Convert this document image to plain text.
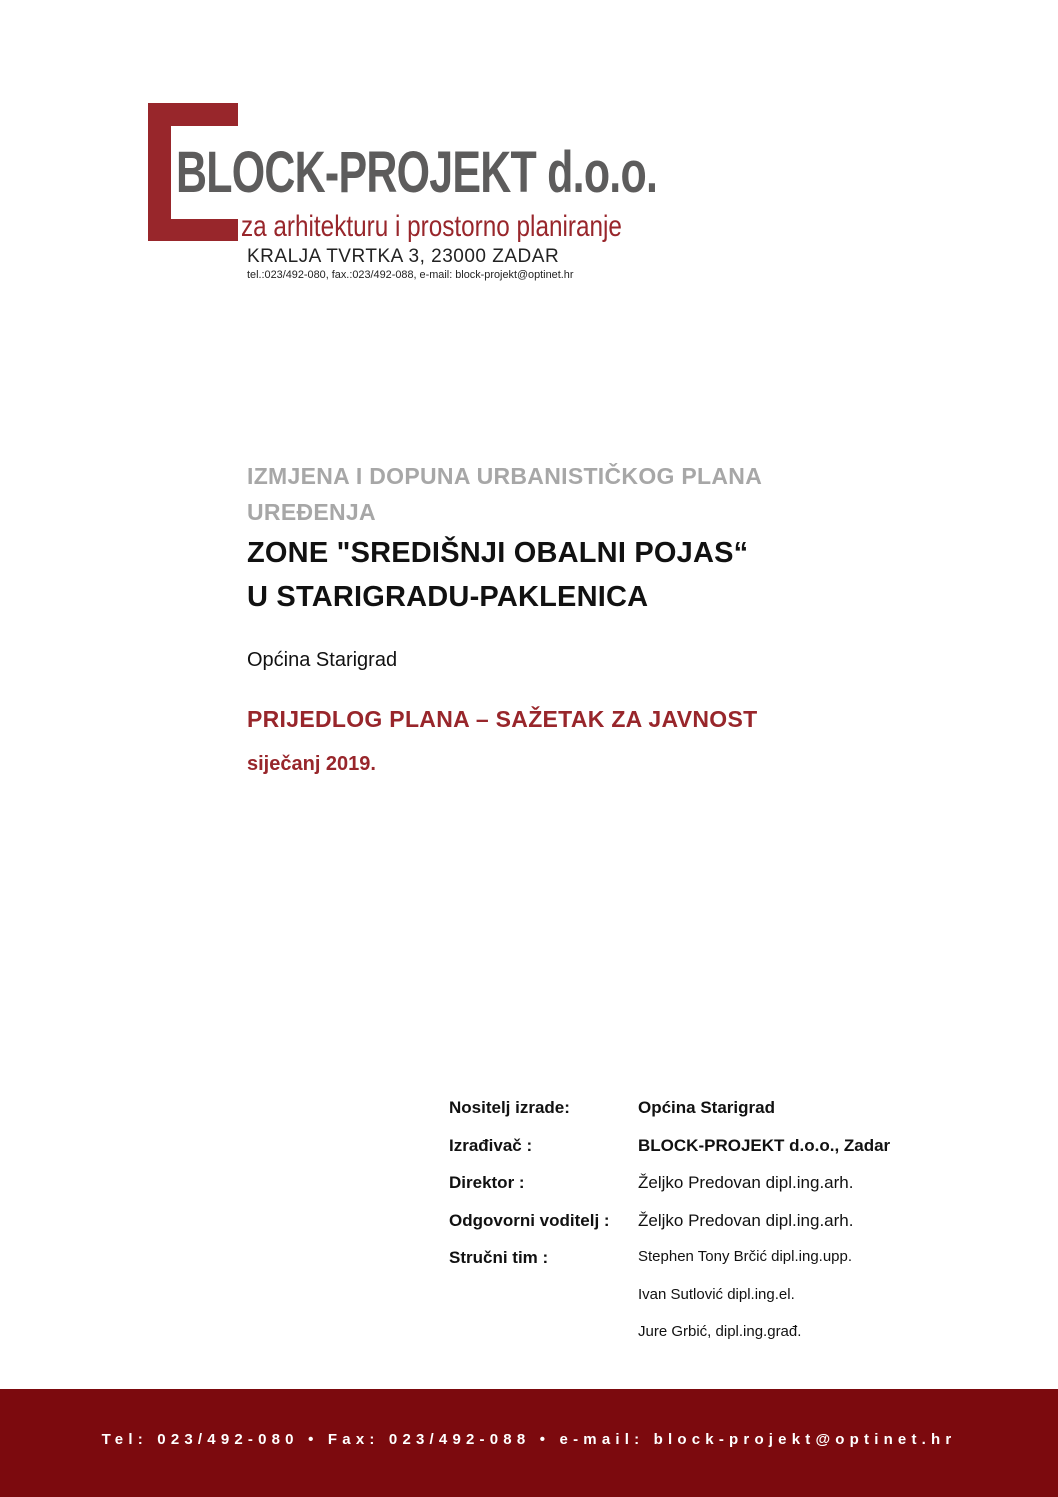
BLOCK-PROJEKT d.o.o.
za arhitekturu i prostorno planiranje
KRALJA TVRTKA 3, 23000 ZADAR
tel.:023/492-080, fax.:023/492-088, e-mail: block-projekt@optinet.hr
IZMJENA I DOPUNA URBANISTIČKOG PLANA
UREĐENJA
ZONE "SREDIŠNJI OBALNI POJAS“
U STARIGRADU-PAKLENICA
Općina Starigrad
PRIJEDLOG PLANA – SAŽETAK ZA JAVNOST
siječanj 2019.
Nositelj izrade:	Općina Starigrad
Izrađivač :	BLOCK-PROJEKT d.o.o., Zadar
Direktor :	Željko Predovan dipl.ing.arh.
Odgovorni voditelj : Željko Predovan dipl.ing.arh.
Stručni tim :	Stephen Tony Brčić dipl.ing.upp.
Ivan Sutlović dipl.ing.el.
Jure Grbić, dipl.ing.građ.
Tel: 023/492-080 • Fax: 023/492-088 • e-mail: block-projekt@optinet.hr
